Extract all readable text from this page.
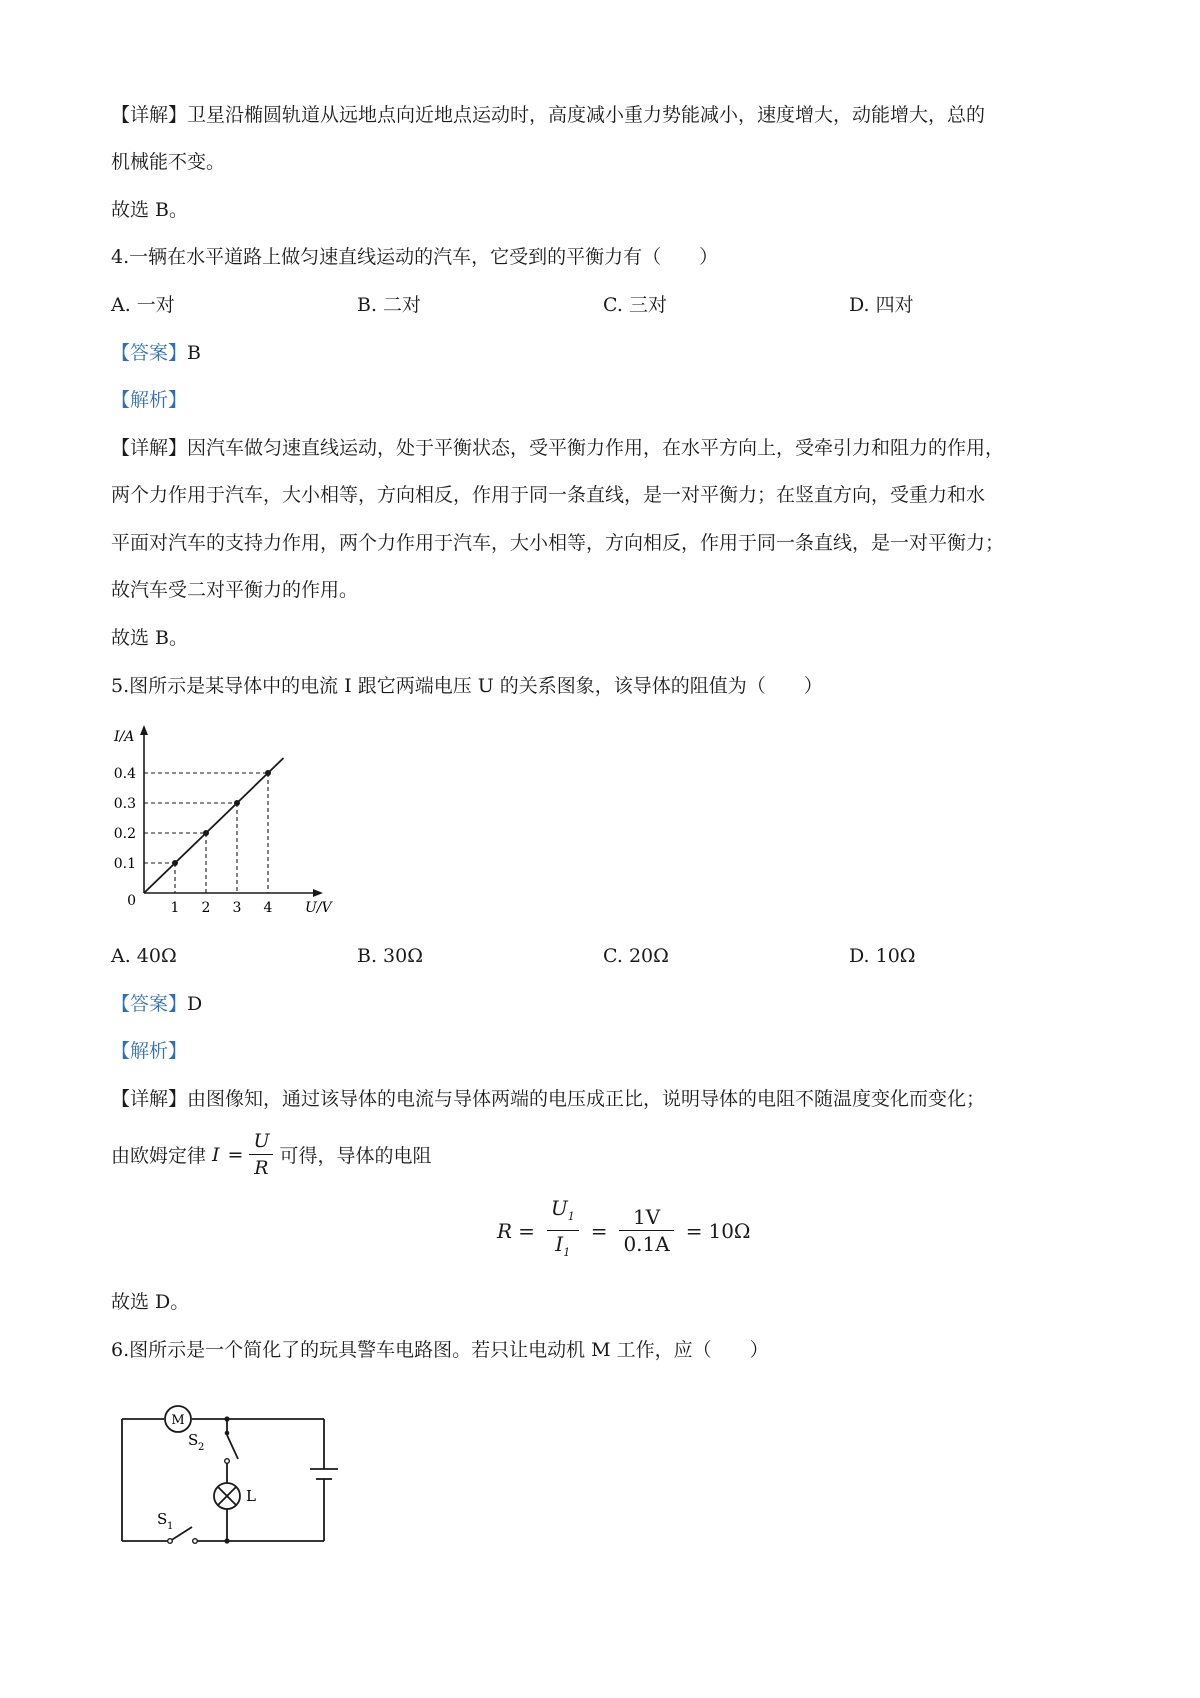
【详解】卫星沿椭圆轨道从远地点向近地点运动时，高度减小重力势能减小，速度增大，动能增大，总的
机械能不变。
故选 B。
4.一辆在水平道路上做匀速直线运动的汽车，它受到的平衡力有（　　）
A. 一对	B. 二对	C. 三对	D. 四对
【答案】B
【解析】
【详解】因汽车做匀速直线运动，处于平衡状态，受平衡力作用，在水平方向上，受牵引力和阻力的作用，
两个力作用于汽车，大小相等，方向相反，作用于同一条直线，是一对平衡力；在竖直方向，受重力和水
平面对汽车的支持力作用，两个力作用于汽车，大小相等，方向相反，作用于同一条直线，是一对平衡力；
故汽车受二对平衡力的作用。
故选 B。
5.图所示是某导体中的电流 I 跟它两端电压 U 的关系图象，该导体的阻值为（　　）
1 2 3 4
0.1
0.2
0.3
0.4
0	U/V
I/A
A. 40Ω	B. 30Ω	C. 20Ω	D. 10Ω
【答案】D
【解析】
【详解】由图像知，通过该导体的电流与导体两端的电压成正比，说明导体的电阻不随温度变化而变化；
由欧姆定律 $I = \frac{U}{R}$ 可得，导体的电阻
$R = \frac{U_1}{I_1} = \frac{1V}{0.1A} = 10\Omega$
故选 D。
6.图所示是一个简化了的玩具警车电路图。若只让电动机 M 工作，应（　　）
M
L
S 2
S 1
